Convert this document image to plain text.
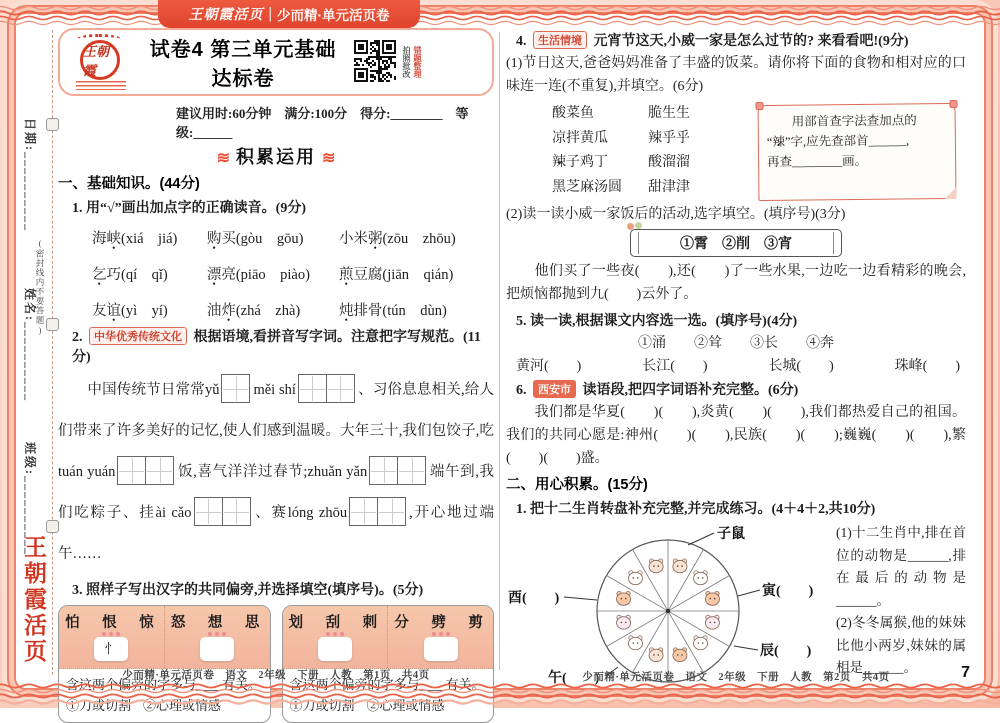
王朝霞活页 | 少而精·单元活页卷
日期:__________
(密封线内不要答题)
姓名:__________
班级:__________
王朝霞活页
王朝霞
试卷4 第三单元基础达标卷
拍照批改 错题整理
建议用时:60分钟　满分:100分　得分:________　等级:______
≋ 积累运用 ≋
一、基础知识。(44分)
1. 用“√”画出加点字的正确读音。(9分)
海峡(xiá　jiá)	购买(gòu　gōu)	小米粥(zōu　zhōu)
乞巧(qí　qǐ)	漂亮(piāo　piào)	煎豆腐(jiān　qián)
友谊(yì　yí)	油炸(zhá　zhà)	炖排骨(tún　dùn)
2. 中华优秀传统文化 根据语境,看拼音写字词。注意把字写规范。(11分)
　　中国传统节日常常yǔ měi shí	、习俗息息相关,给人们带来了许多美好的记忆,使人们感到温暖。大年三十,我们包饺子,吃tuán yuán	饭,喜气洋洋过春节;zhuǎn yǎn	端午到,我们吃粽子、挂ài cǎo	、赛lóng zhōu	,开心地过端午……
3. 照样子写出汉字的共同偏旁,并选择填空(填序号)。(5分)
怕　恨　惊
忄
怒　想　思
含这两个偏旁的字多与____有关。
①刀或切割 ②心理或情感
划　刮　刺 分　劈　剪
含这两个偏旁的字多与____有关。
①刀或切割 ②心理或情感
少而精·单元活页卷　语文　2年级　下册　人教　第1页　共4页
4. 生活情境 元宵节这天,小威一家是怎么过节的? 来看看吧!(9分)
(1)节日这天,爸爸妈妈准备了丰盛的饭菜。请你将下面的食物和相对应的口味连一连(不重复),并填空。(6分)
酸菜鱼
凉拌黄瓜
辣 •子鸡丁
黑芝麻汤圆
脆生生
辣乎乎
酸溜溜
甜津津
　　用部首查字法查加点的
“辣 •”字,应先查部首______,
再查________画。
(2)读一读小威一家饭后的活动,选字填空。(填序号)(3分)
①霄　②削　③宵
　　他们买了一些夜(　　),还(　　)了一些水果,一边吃一边看精彩的晚会,把烦恼都抛到九(　　)云外了。
5. 读一读,根据课文内容选一选。(填序号)(4分)
①涌　　②耸　　③长　　④奔
黄河(　　)	长江(　　)	长城(　　)	珠峰(　　)
6. 西安市 读语段,把四字词语补充完整。(6分)
　　我们都是华夏(　　)(　　),炎黄(　　)(　　),我们都热爱自己的祖国。我们的共同心愿是:神州(　　)(　　),民族(　　)(　　);巍巍(　　)(　　),繁(　　)(　　)盛。
二、用心积累。(15分)
1. 把十二生肖转盘补充完整,并完成练习。(4＋4＋2,共10分)
子鼠
寅(　　)
辰(　　)
午(　　)
酉(　　)
(1)十二生肖中,排在首位的动物是______,排在最后的动物是______。
(2)冬冬属猴,他的妹妹比他小两岁,妹妹的属相是______。
少而精·单元活页卷　语文　2年级　下册　人教　第2页　共4页	7
